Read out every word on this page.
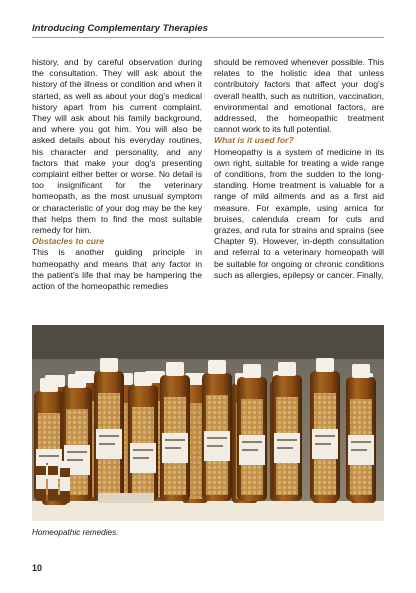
Introducing Complementary Therapies

history, and by careful observation during the consultation. They will ask about the history of the illness or condition and when it started, as well as about your dog's medical history apart from his current complaint. They will ask about his family background, and where you got him. You will also be asked details about his everyday routines, his character and personality, and any factors that make your dog's presenting complaint either better or worse. No detail is too insignificant for the veterinary homeopath, as the most unusual symptom or characteristic of your dog may be the key that helps them to find the most suitable remedy for him.

Obstacles to cure

This is another guiding principle in homeopathy and means that any factor in the patient's life that may be hampering the action of the homeopathic remedies

should be removed whenever possible. This relates to the holistic idea that unless contributory factors that affect your dog's overall health, such as nutrition, vaccination, environmental and emotional factors, are addressed, the homeopathic treatment cannot work to its full potential.

What is it used for?

Homeopathy is a system of medicine in its own right, suitable for treating a wide range of conditions, from the sudden to the long-standing. Home treatment is valuable for a range of mild ailments and as a first aid measure. For example, using arnica for bruises, calendula cream for cuts and grazes, and ruta for strains and sprains (see Chapter 9). However, in-depth consultation and referral to a veterinary homeopath will be suitable for ongoing or chronic conditions such as allergies, epilepsy or cancer. Finally,

Homeopathic remedies.
10
